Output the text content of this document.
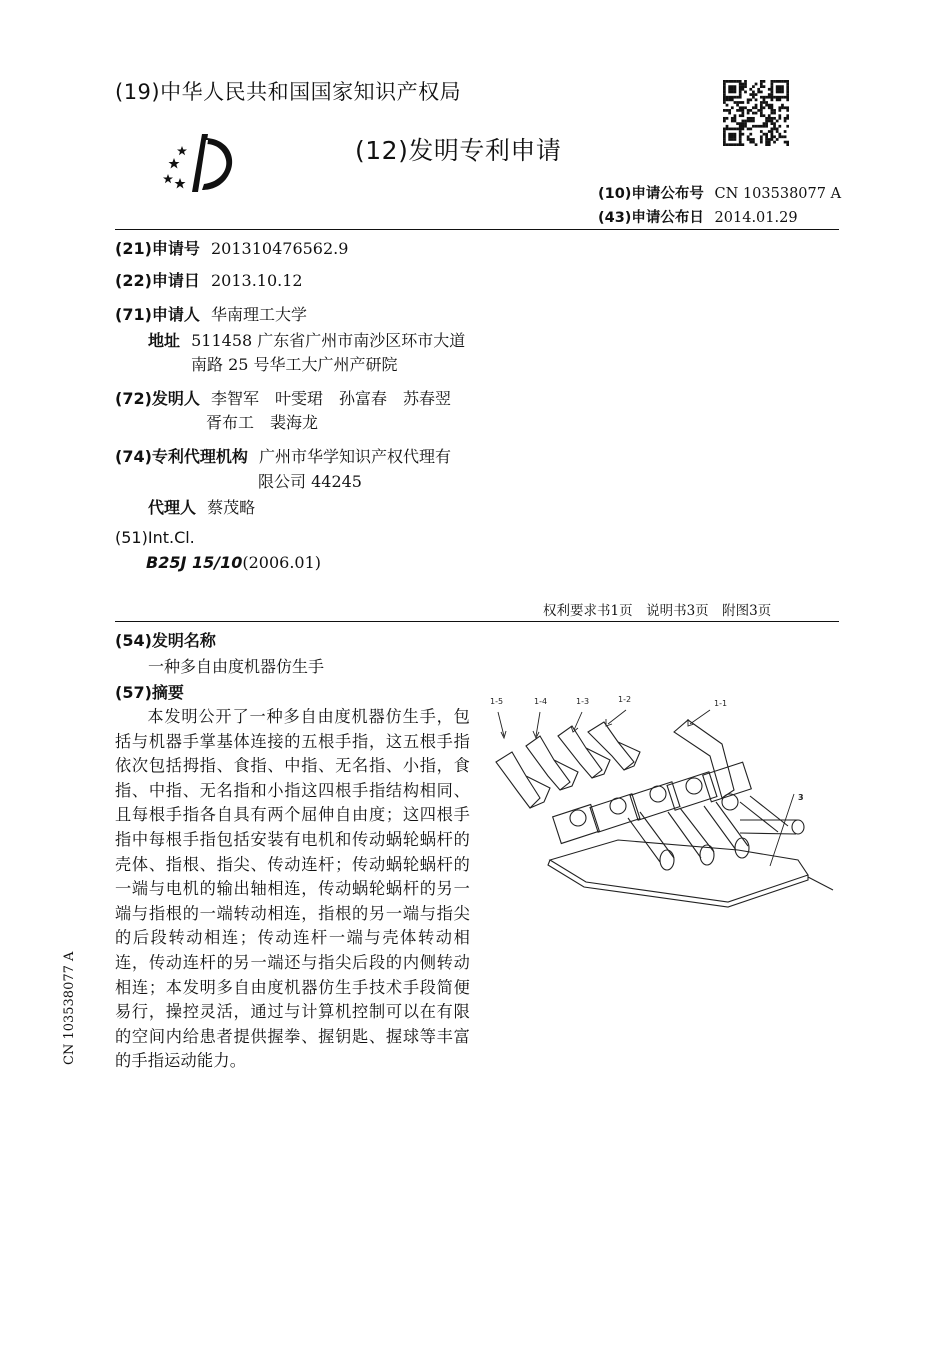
(19)中华人民共和国国家知识产权局
(12)发明专利申请
(10)申请公布号 CN 103538077 A
(43)申请公布日 2014.01.29
(21)申请号 201310476562.9
(22)申请日 2013.10.12
(71)申请人 华南理工大学
地址 511458 广东省广州市南沙区环市大道
南路 25 号华工大广州产研院
(72)发明人 李智军　叶雯珺　孙富春　苏春翌
胥布工　裴海龙
(74)专利代理机构 广州市华学知识产权代理有
限公司 44245
代理人 蔡茂略
(51)Int.Cl.
B25J 15/10(2006.01)
权利要求书1页　说明书3页　附图3页
(54)发明名称
一种多自由度机器仿生手
(57)摘要
本发明公开了一种多自由度机器仿生手，包括与机器手掌基体连接的五根手指，这五根手指依次包括拇指、食指、中指、无名指、小指，食指、中指、无名指和小指这四根手指结构相同、且每根手指各自具有两个屈伸自由度；这四根手指中每根手指包括安装有电机和传动蜗轮蜗杆的壳体、指根、指尖、传动连杆；传动蜗轮蜗杆的一端与电机的输出轴相连，传动蜗轮蜗杆的另一端与指根的一端转动相连，指根的另一端与指尖的后段转动相连；传动连杆一端与壳体转动相连，传动连杆的另一端还与指尖后段的内侧转动相连；本发明多自由度机器仿生手技术手段简便易行，操控灵活，通过与计算机控制可以在有限的空间内给患者提供握拳、握钥匙、握球等丰富的手指运动能力。
1-5	1-4	1-3	1-2	1-1
3
CN 103538077 A
